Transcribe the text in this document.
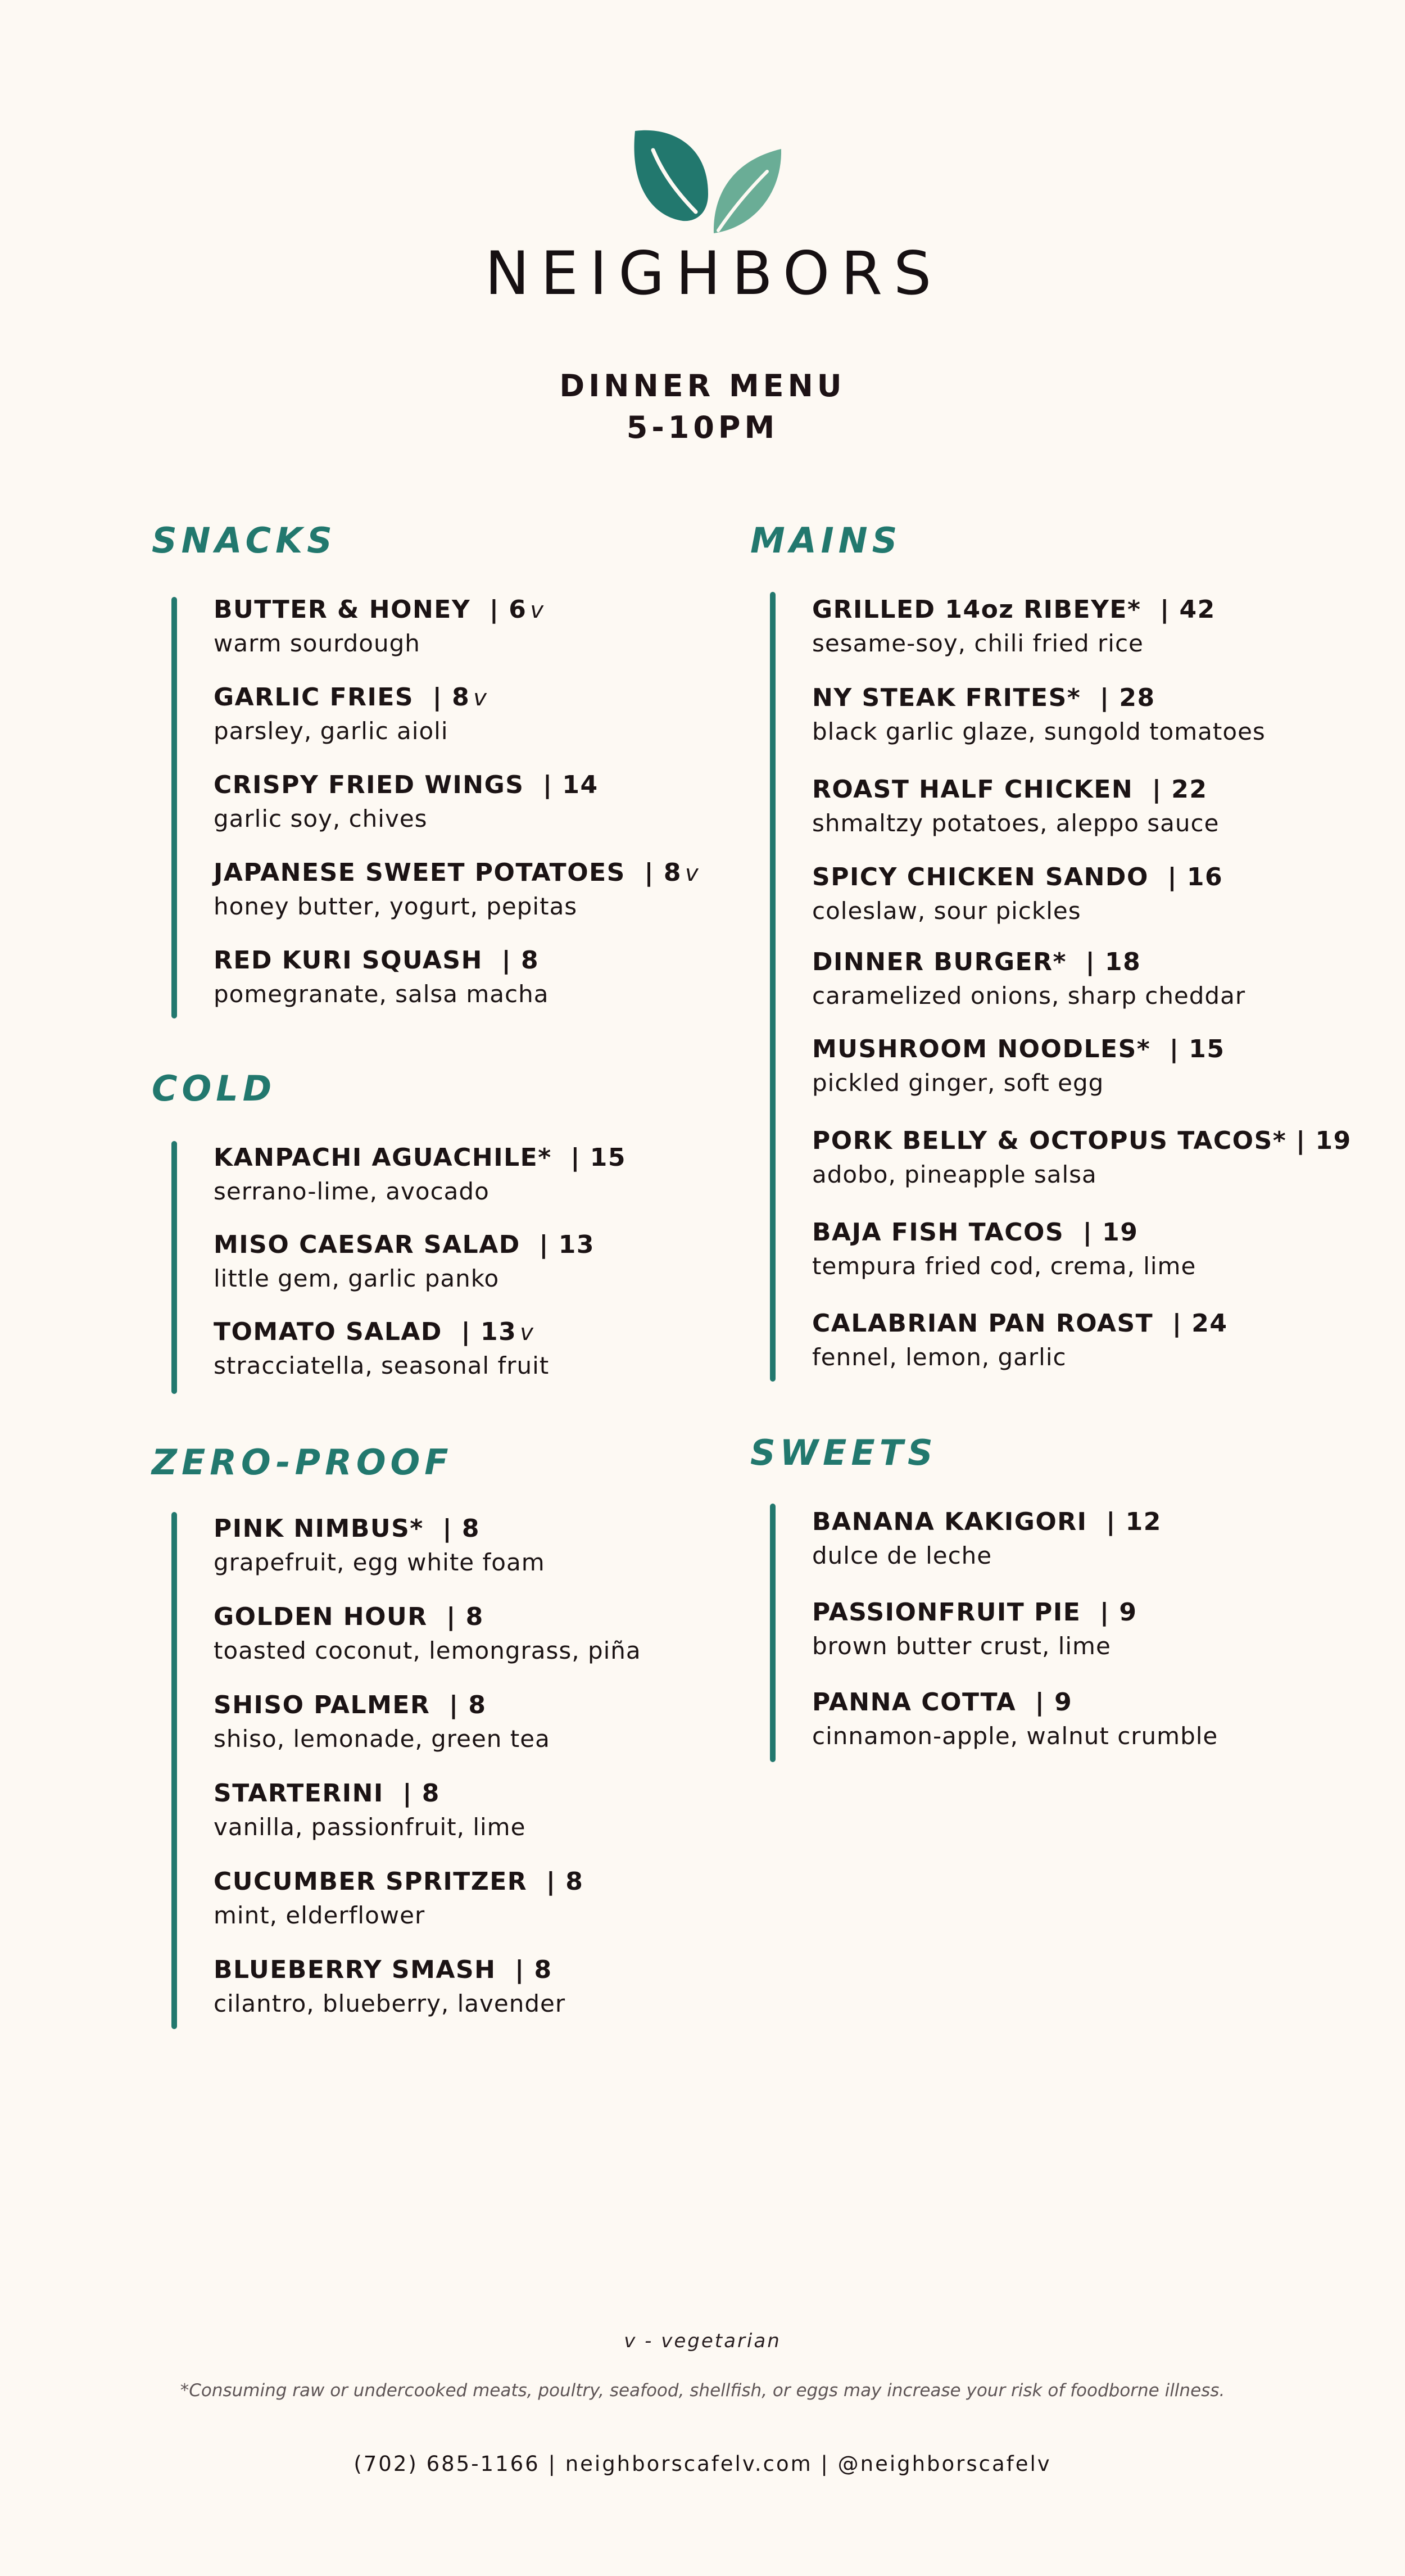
NEIGHBORS
DINNER MENU
5-10PM
SNACKS
BUTTER & HONEY | 6 v
warm sourdough
GARLIC FRIES | 8 v
parsley, garlic aioli
CRISPY FRIED WINGS | 14
garlic soy, chives
JAPANESE SWEET POTATOES | 8 v
honey butter, yogurt, pepitas
RED KURI SQUASH | 8
pomegranate, salsa macha
COLD
KANPACHI AGUACHILE* | 15
serrano-lime, avocado
MISO CAESAR SALAD | 13
little gem, garlic panko
TOMATO SALAD | 13 v
stracciatella, seasonal fruit
ZERO-PROOF
PINK NIMBUS* | 8
grapefruit, egg white foam
GOLDEN HOUR | 8
toasted coconut, lemongrass, piña
SHISO PALMER | 8
shiso, lemonade, green tea
STARTERINI | 8
vanilla, passionfruit, lime
CUCUMBER SPRITZER | 8
mint, elderflower
BLUEBERRY SMASH | 8
cilantro, blueberry, lavender
MAINS
GRILLED 14oz RIBEYE* | 42
sesame-soy, chili fried rice
NY STEAK FRITES* | 28
black garlic glaze, sungold tomatoes
ROAST HALF CHICKEN | 22
shmaltzy potatoes, aleppo sauce
SPICY CHICKEN SANDO | 16
coleslaw, sour pickles
DINNER BURGER* | 18
caramelized onions, sharp cheddar
MUSHROOM NOODLES* | 15
pickled ginger, soft egg
PORK BELLY & OCTOPUS TACOS* | 19
adobo, pineapple salsa
BAJA FISH TACOS | 19
tempura fried cod, crema, lime
CALABRIAN PAN ROAST | 24
fennel, lemon, garlic
SWEETS
BANANA KAKIGORI | 12
dulce de leche
PASSIONFRUIT PIE | 9
brown butter crust, lime
PANNA COTTA | 9
cinnamon-apple, walnut crumble
v - vegetarian
*Consuming raw or undercooked meats, poultry, seafood, shellfish, or eggs may increase your risk of foodborne illness.
(702) 685-1166 | neighborscafelv.com | @neighborscafelv
